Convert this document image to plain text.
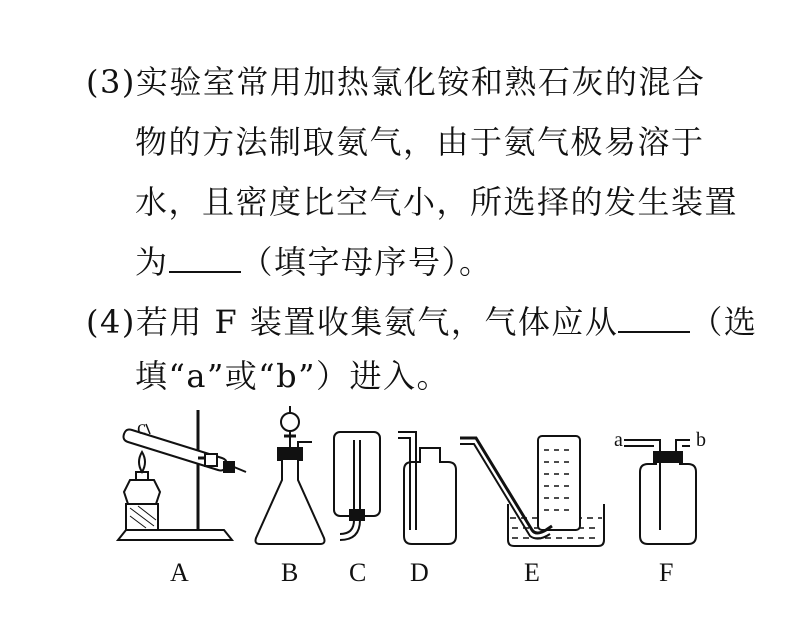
(3)实验室常用加热氯化铵和熟石灰的混合
物的方法制取氨气，由于氨气极易溶于
水，且密度比空气小，所选择的发生装置
为 （填字母序号）。
(4)若用 F 装置收集氨气，气体应从 （选
填“a”或“b”）进入。
c
a	b
A	B C D	E	F
